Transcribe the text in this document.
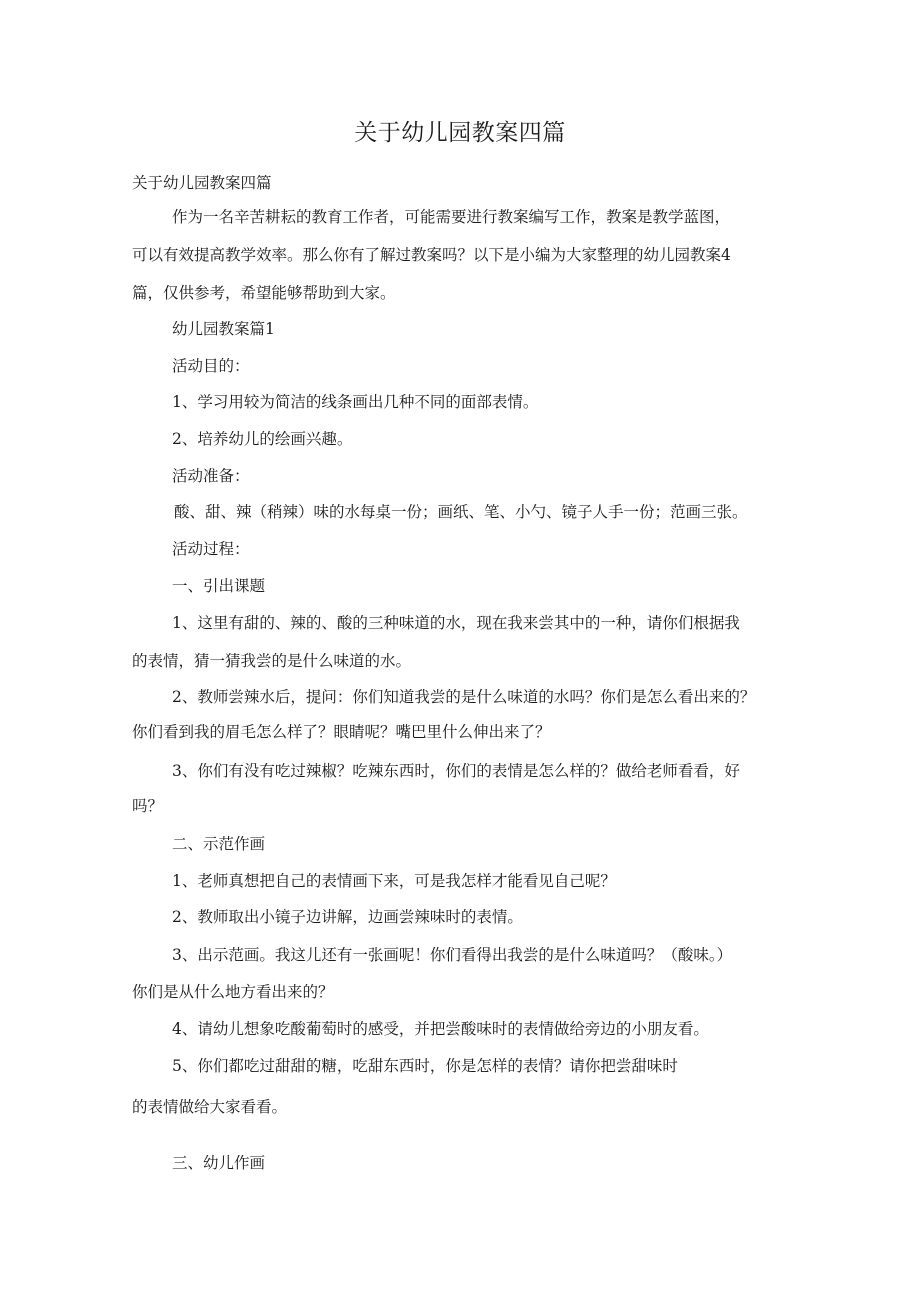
关于幼儿园教案四篇
关于幼儿园教案四篇
作为一名辛苦耕耘的教育工作者，可能需要进行教案编写工作，教案是教学蓝图，
可以有效提高教学效率。那么你有了解过教案吗？以下是小编为大家整理的幼儿园教案4
篇，仅供参考，希望能够帮助到大家。
幼儿园教案篇1
活动目的：
1、学习用较为简洁的线条画出几种不同的面部表情。
2、培养幼儿的绘画兴趣。
活动准备：
酸、甜、辣（稍辣）味的水每桌一份；画纸、笔、小勺、镜子人手一份；范画三张。
活动过程：
一、引出课题
1、这里有甜的、辣的、酸的三种味道的水，现在我来尝其中的一种，请你们根据我
的表情，猜一猜我尝的是什么味道的水。
2、教师尝辣水后，提问：你们知道我尝的是什么味道的水吗？你们是怎么看出来的？
你们看到我的眉毛怎么样了？眼睛呢？嘴巴里什么伸出来了？
3、你们有没有吃过辣椒？吃辣东西时，你们的表情是怎么样的？做给老师看看，好
吗？
二、示范作画
1、老师真想把自己的表情画下来，可是我怎样才能看见自己呢？
2、教师取出小镜子边讲解，边画尝辣味时的表情。
3、出示范画。我这儿还有一张画呢！你们看得出我尝的是什么味道吗？（酸味。）
你们是从什么地方看出来的？
4、请幼儿想象吃酸葡萄时的感受，并把尝酸味时的表情做给旁边的小朋友看。
5、你们都吃过甜甜的糖，吃甜东西时，你是怎样的表情？请你把尝甜味时
的表情做给大家看看。
三、幼儿作画
